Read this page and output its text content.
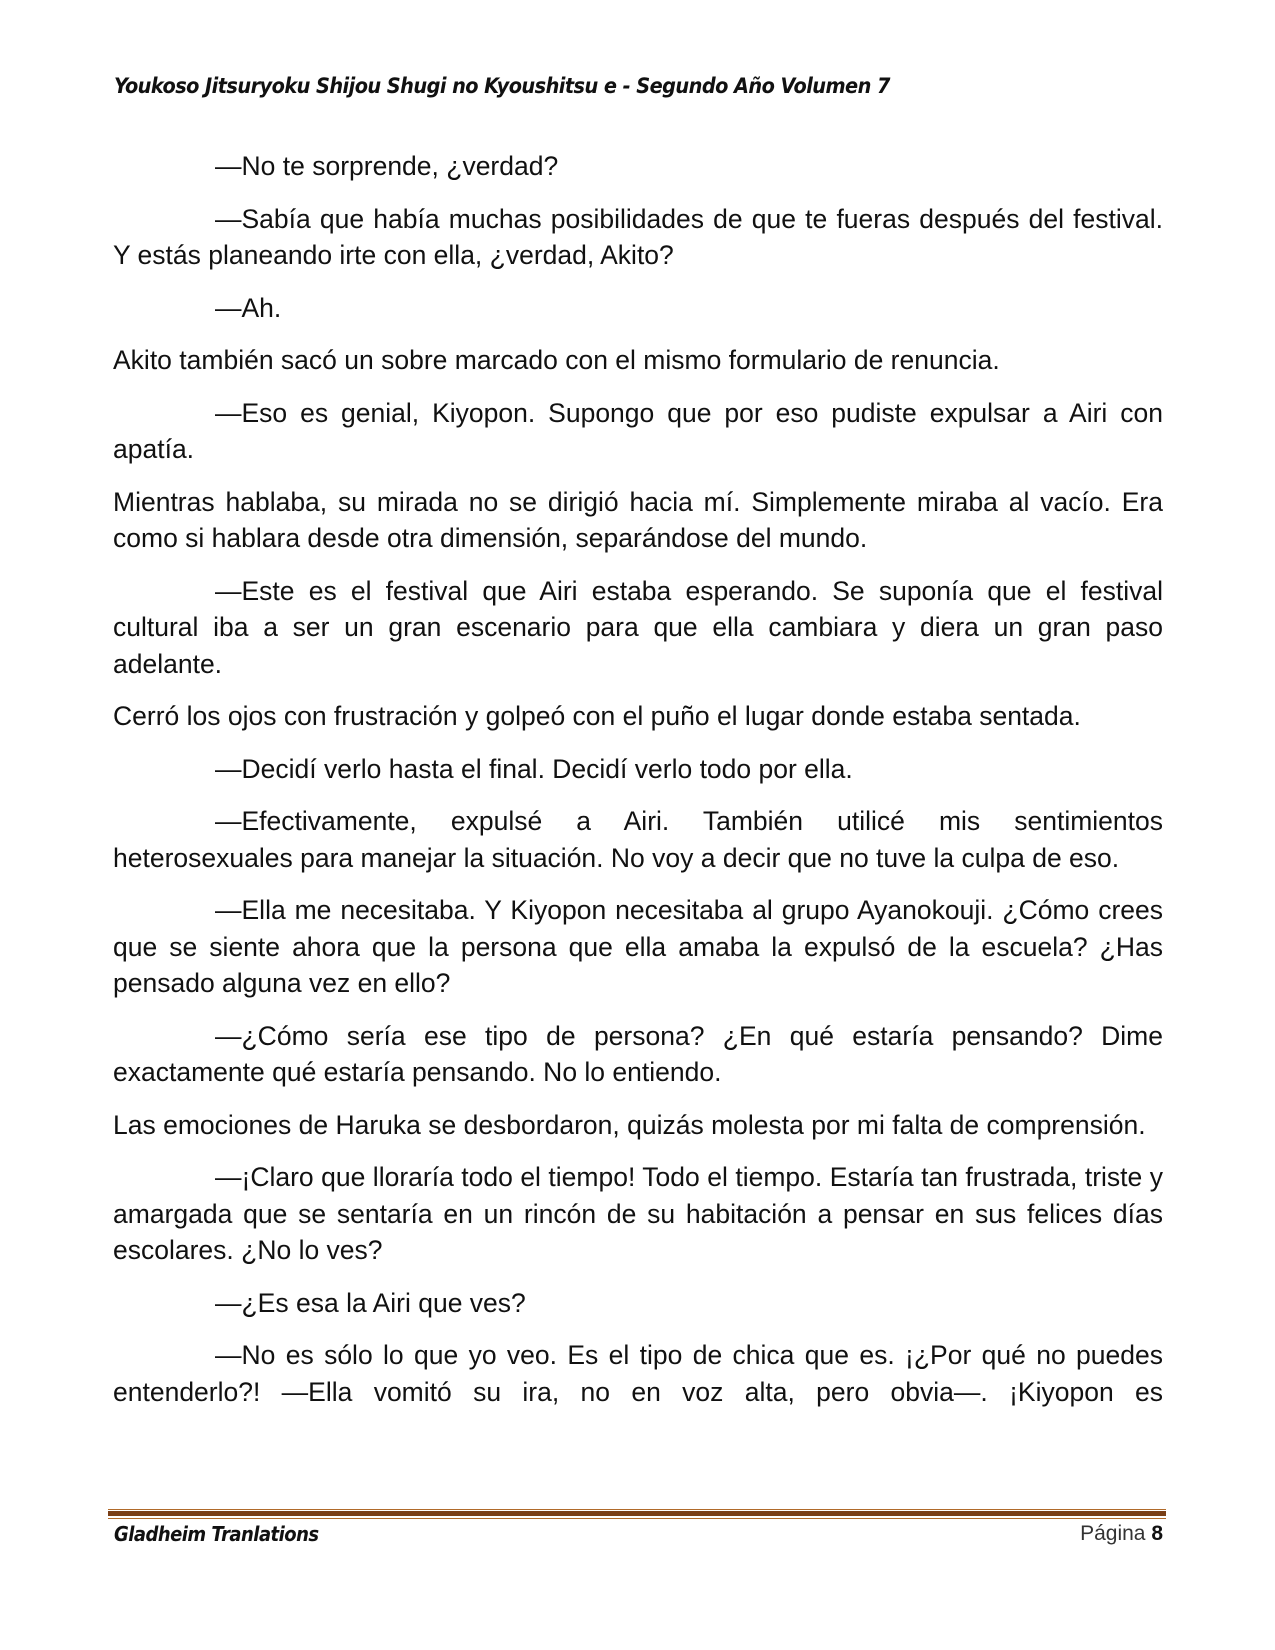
Youkoso Jitsuryoku Shijou Shugi no Kyoushitsu e - Segundo Año Volumen 7

—No te sorprende, ¿verdad?

—Sabía que había muchas posibilidades de que te fueras después del festival. Y estás planeando irte con ella, ¿verdad, Akito?

—Ah.

Akito también sacó un sobre marcado con el mismo formulario de renuncia.

—Eso es genial, Kiyopon. Supongo que por eso pudiste expulsar a Airi con apatía.

Mientras hablaba, su mirada no se dirigió hacia mí. Simplemente miraba al vacío. Era como si hablara desde otra dimensión, separándose del mundo.

—Este es el festival que Airi estaba esperando. Se suponía que el festival cultural iba a ser un gran escenario para que ella cambiara y diera un gran paso adelante.

Cerró los ojos con frustración y golpeó con el puño el lugar donde estaba sentada.

—Decidí verlo hasta el final. Decidí verlo todo por ella.

—Efectivamente, expulsé a Airi. También utilicé mis sentimientos heterosexuales para manejar la situación. No voy a decir que no tuve la culpa de eso.

—Ella me necesitaba. Y Kiyopon necesitaba al grupo Ayanokouji. ¿Cómo crees que se siente ahora que la persona que ella amaba la expulsó de la escuela? ¿Has pensado alguna vez en ello?

—¿Cómo sería ese tipo de persona? ¿En qué estaría pensando? Dime exactamente qué estaría pensando. No lo entiendo.

Las emociones de Haruka se desbordaron, quizás molesta por mi falta de comprensión.

—¡Claro que lloraría todo el tiempo! Todo el tiempo. Estaría tan frustrada, triste y amargada que se sentaría en un rincón de su habitación a pensar en sus felices días escolares. ¿No lo ves?

—¿Es esa la Airi que ves?

—No es sólo lo que yo veo. Es el tipo de chica que es. ¡¿Por qué no puedes entenderlo?! —Ella vomitó su ira, no en voz alta, pero obvia—. ¡Kiyopon es

Gladheim Tranlations	Página 8
